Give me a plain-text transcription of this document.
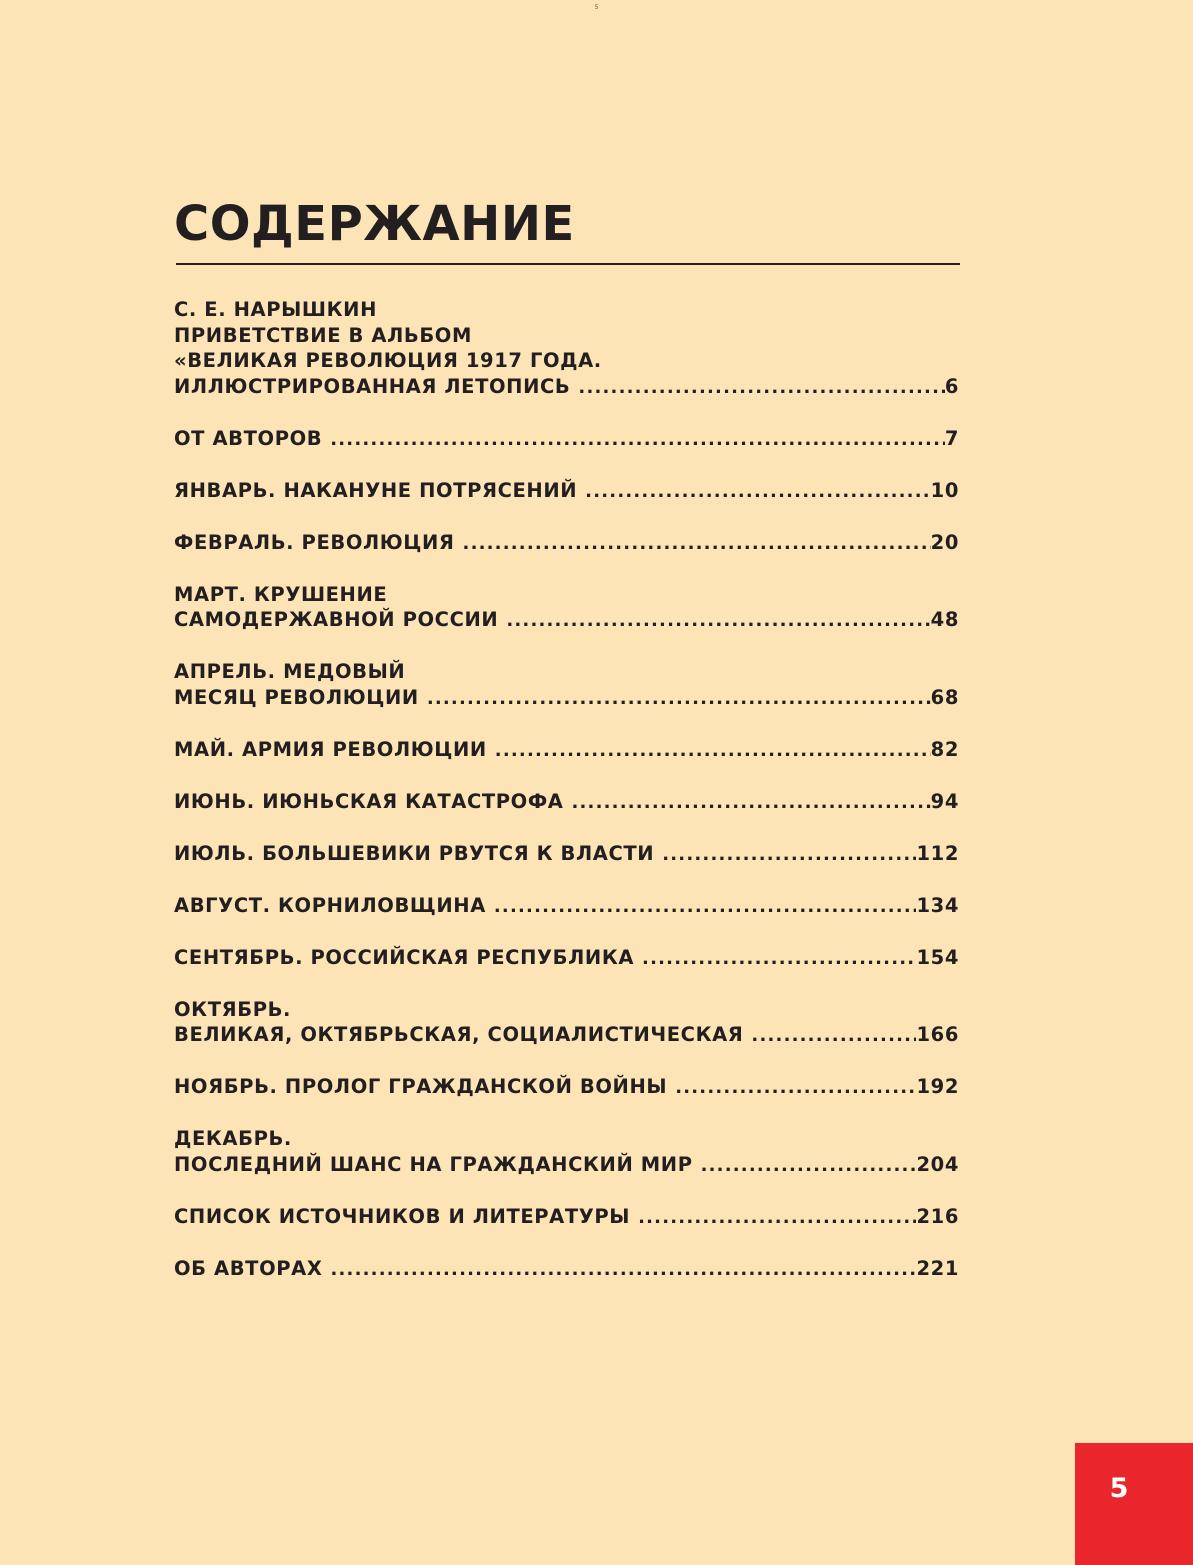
5
СОДЕРЖАНИЕ
С. Е. НАРЫШКИН
ПРИВЕТСТВИЕ В АЛЬБОМ
«ВЕЛИКАЯ РЕВОЛЮЦИЯ 1917 ГОДА.
ИЛЛЮСТРИРОВАННАЯ ЛЕТОПИСЬ .....	6
ОТ АВТОРОВ .....	7
ЯНВАРЬ. НАКАНУНЕ ПОТРЯСЕНИЙ .....	10
ФЕВРАЛЬ. РЕВОЛЮЦИЯ .....	20
МАРТ. КРУШЕНИЕ
САМОДЕРЖАВНОЙ РОССИИ .....	48
АПРЕЛЬ. МЕДОВЫЙ
МЕСЯЦ РЕВОЛЮЦИИ .....	68
МАЙ. АРМИЯ РЕВОЛЮЦИИ .....	82
ИЮНЬ. ИЮНЬСКАЯ КАТАСТРОФА .....	94
ИЮЛЬ. БОЛЬШЕВИКИ РВУТСЯ К ВЛАСТИ .....	112
АВГУСТ. КОРНИЛОВЩИНА .....	134
СЕНТЯБРЬ. РОССИЙСКАЯ РЕСПУБЛИКА .....	154
ОКТЯБРЬ.
ВЕЛИКАЯ, ОКТЯБРЬСКАЯ, СОЦИАЛИСТИЧЕСКАЯ .....	166
НОЯБРЬ. ПРОЛОГ ГРАЖДАНСКОЙ ВОЙНЫ .....	192
ДЕКАБРЬ.
ПОСЛЕДНИЙ ШАНС НА ГРАЖДАНСКИЙ МИР .....	204
СПИСОК ИСТОЧНИКОВ И ЛИТЕРАТУРЫ .....	216
ОБ АВТОРАХ .....	221
5
